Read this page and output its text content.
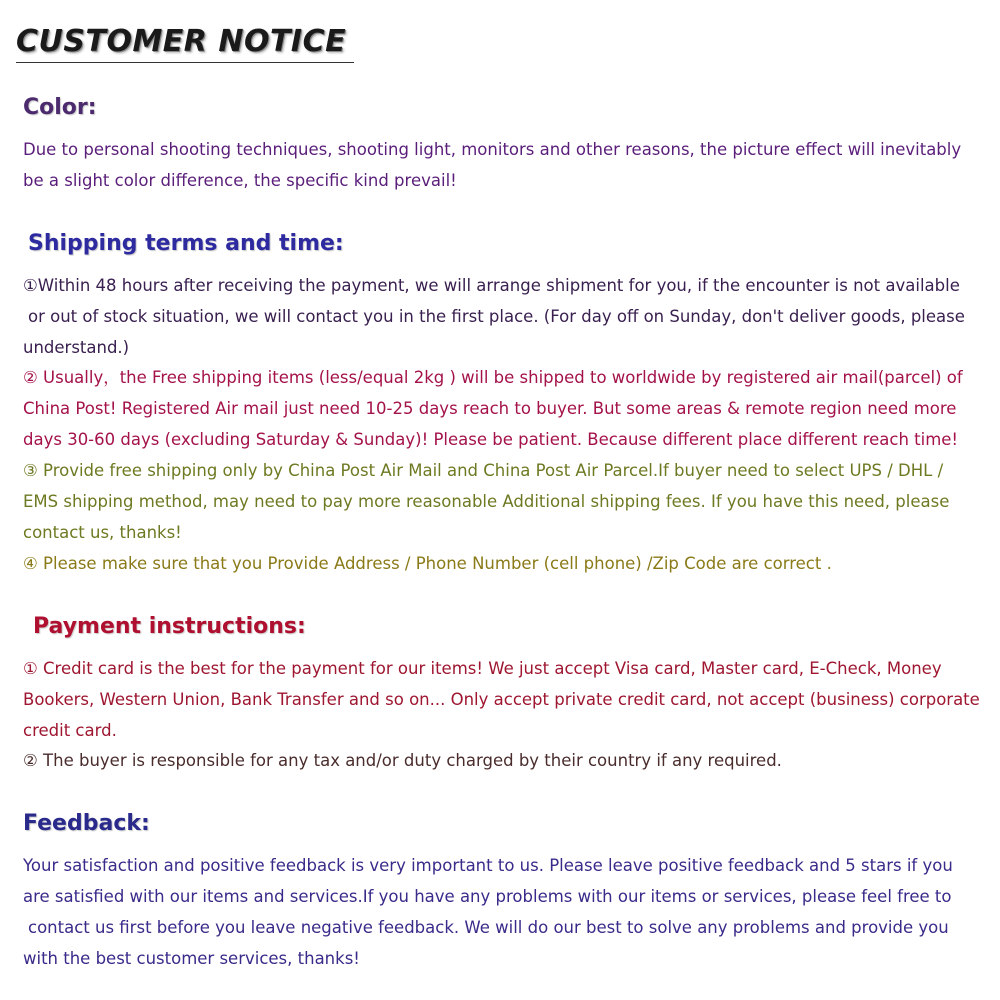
CUSTOMER NOTICE
Color:

Due to personal shooting techniques, shooting light, monitors and other reasons, the picture effect will inevitably
be a slight color difference, the specific kind prevail!

Shipping terms and time:

①Within 48 hours after receiving the payment, we will arrange shipment for you, if the encounter is not available
or out of stock situation, we will contact you in the first place. (For day off on Sunday, don't deliver goods, please
understand.)

② Usually，the Free shipping items (less/equal 2kg ) will be shipped to worldwide by registered air mail(parcel) of
China Post! Registered Air mail just need 10-25 days reach to buyer. But some areas & remote region need more
days 30-60 days (excluding Saturday & Sunday)! Please be patient. Because different place different reach time!

③ Provide free shipping only by China Post Air Mail and China Post Air Parcel.If buyer need to select UPS / DHL /
EMS shipping method, may need to pay more reasonable Additional shipping fees. If you have this need, please
contact us, thanks!

④ Please make sure that you Provide Address / Phone Number (cell phone) /Zip Code are correct .

Payment instructions:

① Credit card is the best for the payment for our items! We just accept Visa card, Master card, E-Check, Money
Bookers, Western Union, Bank Transfer and so on... Only accept private credit card, not accept (business) corporate
credit card.

② The buyer is responsible for any tax and/or duty charged by their country if any required.

Feedback:

Your satisfaction and positive feedback is very important to us. Please leave positive feedback and 5 stars if you
are satisfied with our items and services.If you have any problems with our items or services, please feel free to
contact us first before you leave negative feedback. We will do our best to solve any problems and provide you
with the best customer services, thanks!
